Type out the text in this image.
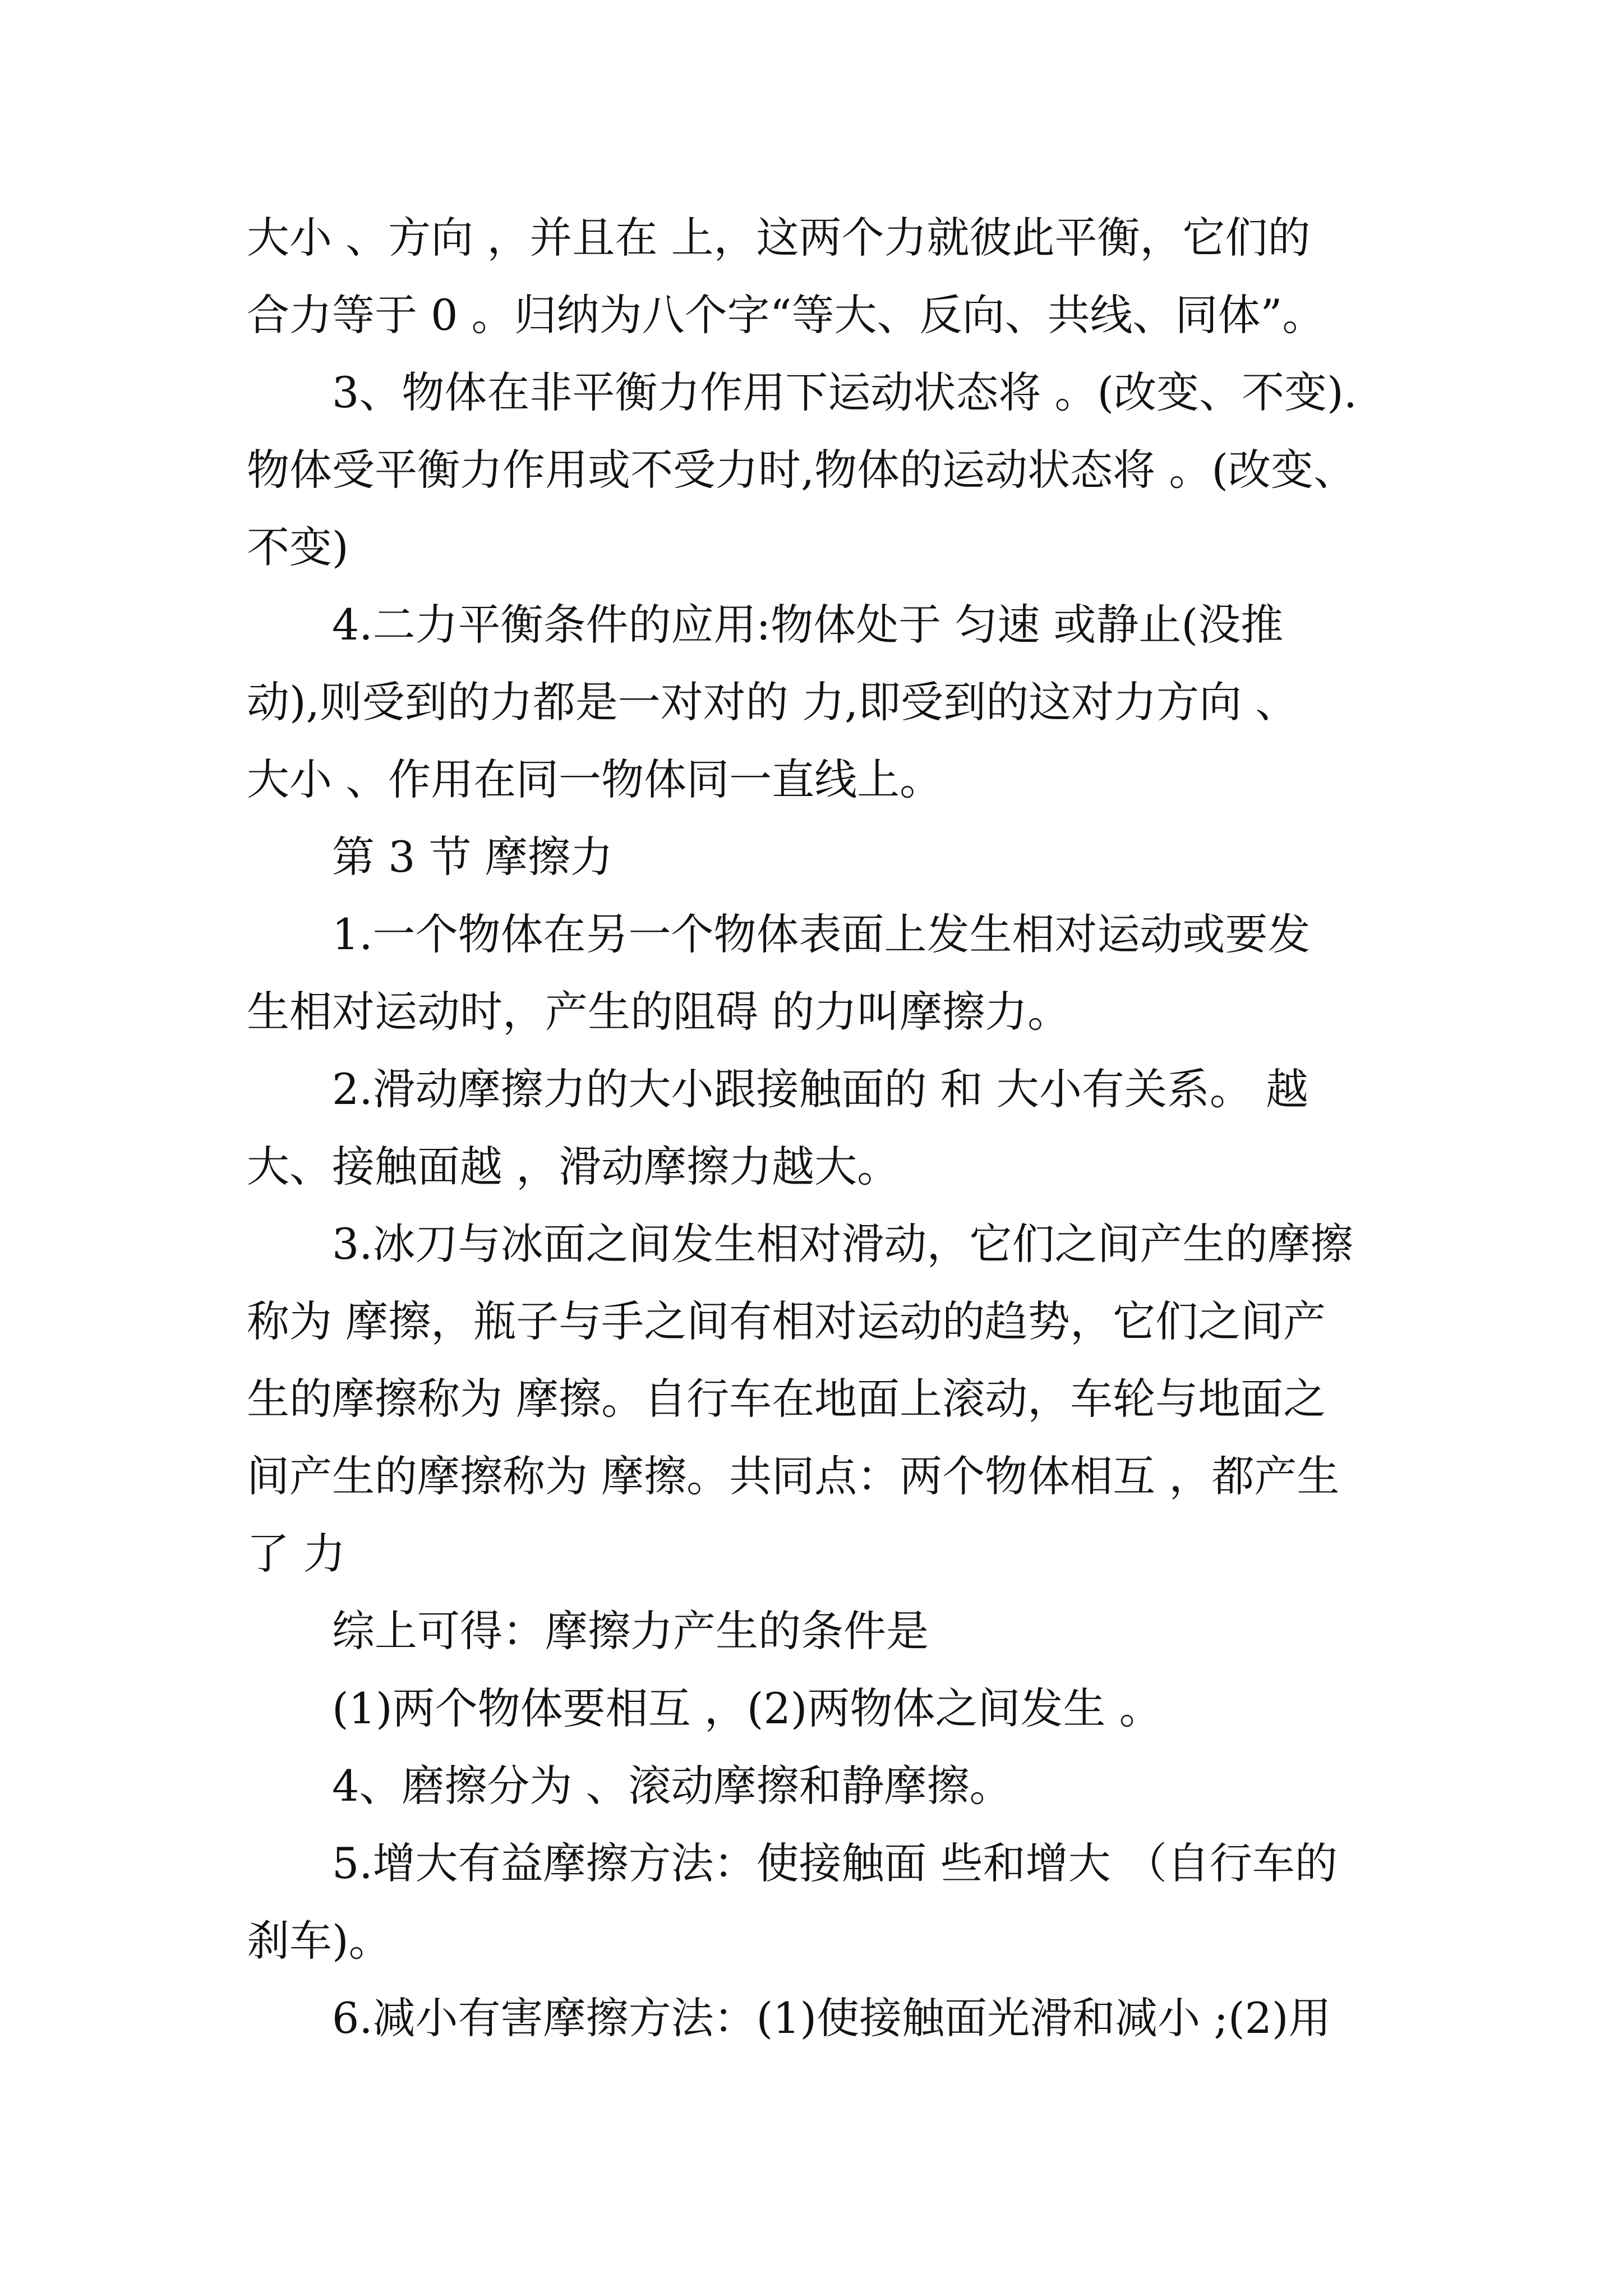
大小 、方向 ，并且在 上，这两个力就彼此平衡，它们的
合力等于 0 。归纳为八个字“等大、反向、共线、同体”。
3、物体在非平衡力作用下运动状态将 。(改变、不变).
物体受平衡力作用或不受力时,物体的运动状态将 。(改变、
不变)
4.二力平衡条件的应用:物体处于 匀速 或静止(没推
动),则受到的力都是一对对的 力,即受到的这对力方向 、
大小 、作用在同一物体同一直线上。
第 3 节 摩擦力
1.一个物体在另一个物体表面上发生相对运动或要发
生相对运动时，产生的阻碍 的力叫摩擦力。
2.滑动摩擦力的大小跟接触面的 和 大小有关系。 越
大、接触面越 ，滑动摩擦力越大。
3.冰刀与冰面之间发生相对滑动，它们之间产生的摩擦
称为 摩擦，瓶子与手之间有相对运动的趋势，它们之间产
生的摩擦称为 摩擦。自行车在地面上滚动，车轮与地面之
间产生的摩擦称为 摩擦。共同点：两个物体相互 ，都产生
了 力
综上可得：摩擦力产生的条件是
(1)两个物体要相互 ，(2)两物体之间发生 。
4、磨擦分为 、滚动摩擦和静摩擦。
5.增大有益摩擦方法：使接触面 些和增大 （自行车的
刹车)。
6.减小有害摩擦方法：(1)使接触面光滑和减小 ;(2)用
